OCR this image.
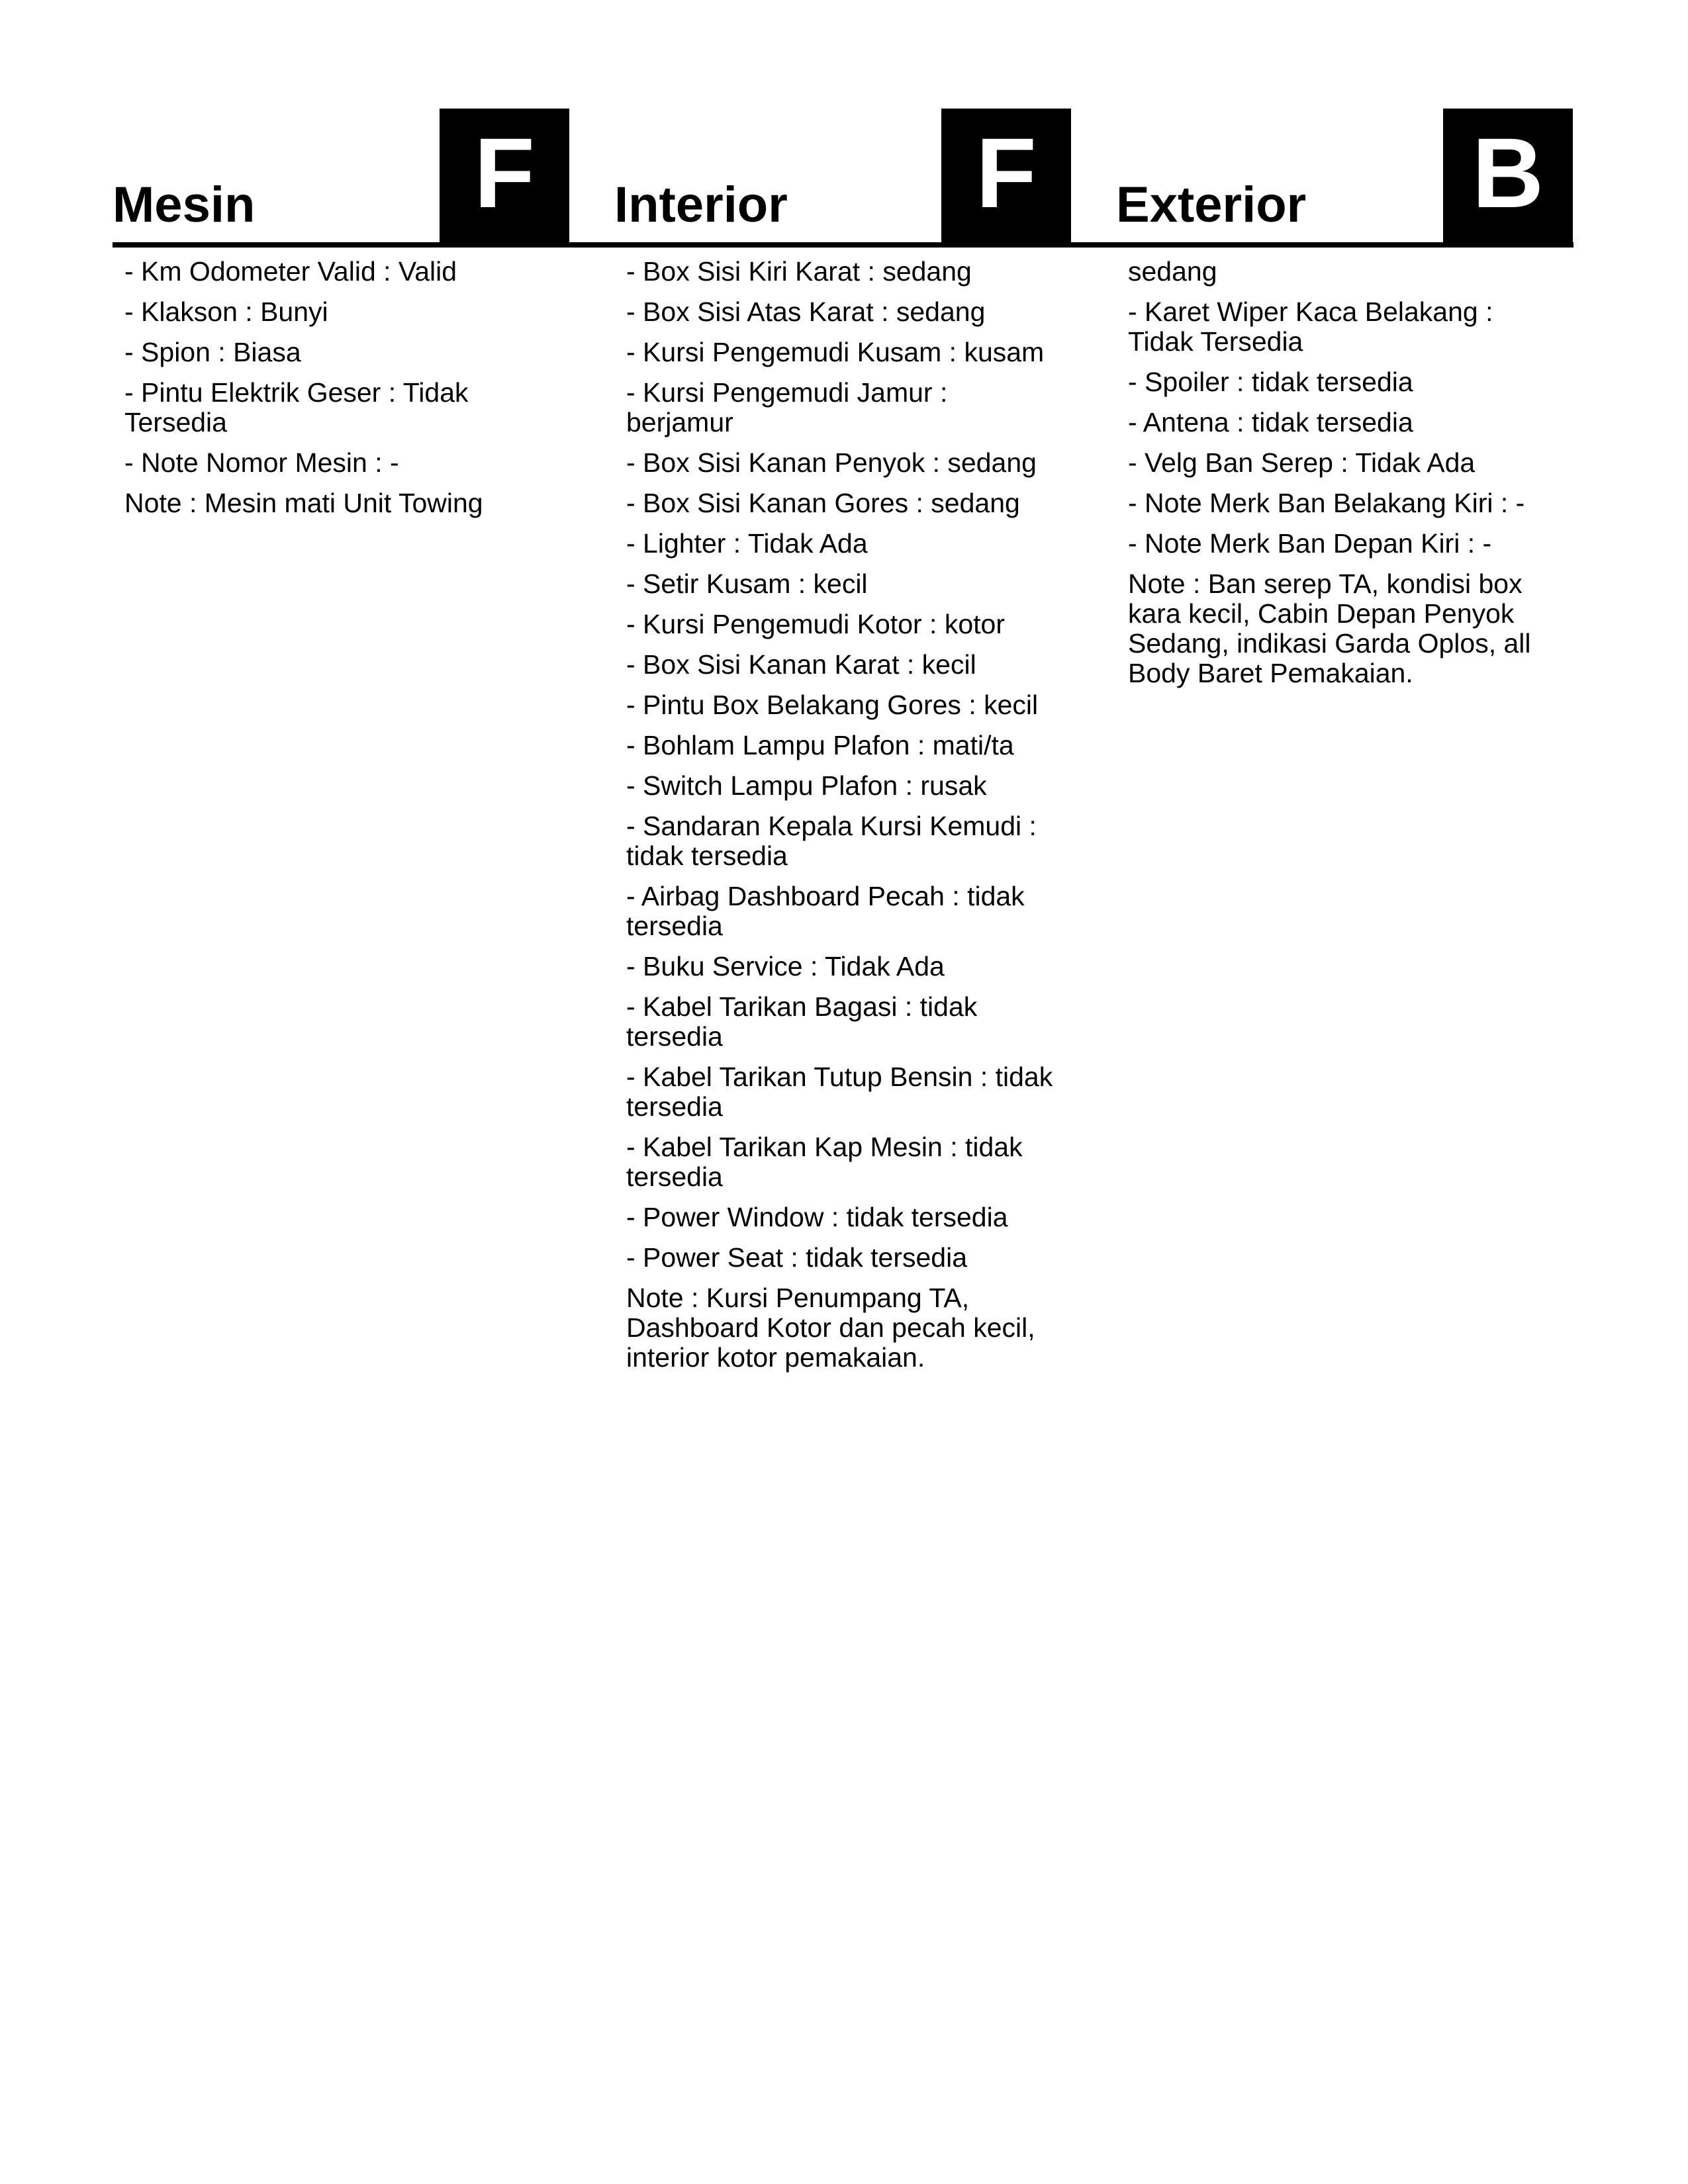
Mesin	F
- Km Odometer Valid : Valid
- Klakson : Bunyi
- Spion : Biasa
- Pintu Elektrik Geser : Tidak Tersedia
- Note Nomor Mesin : -
Note : Mesin mati Unit Towing
Interior	F
- Box Sisi Kiri Karat : sedang
- Box Sisi Atas Karat : sedang
- Kursi Pengemudi Kusam : kusam
- Kursi Pengemudi Jamur : berjamur
- Box Sisi Kanan Penyok : sedang
- Box Sisi Kanan Gores : sedang
- Lighter : Tidak Ada
- Setir Kusam : kecil
- Kursi Pengemudi Kotor : kotor
- Box Sisi Kanan Karat : kecil
- Pintu Box Belakang Gores : kecil
- Bohlam Lampu Plafon : mati/ta
- Switch Lampu Plafon : rusak
- Sandaran Kepala Kursi Kemudi : tidak tersedia
- Airbag Dashboard Pecah : tidak tersedia
- Buku Service : Tidak Ada
- Kabel Tarikan Bagasi : tidak tersedia
- Kabel Tarikan Tutup Bensin : tidak tersedia
- Kabel Tarikan Kap Mesin : tidak tersedia
- Power Window : tidak tersedia
- Power Seat : tidak tersedia
Note : Kursi Penumpang TA, Dashboard Kotor dan pecah kecil, interior kotor pemakaian.
Exterior B
sedang
- Karet Wiper Kaca Belakang : Tidak Tersedia
- Spoiler : tidak tersedia
- Antena : tidak tersedia
- Velg Ban Serep : Tidak Ada
- Note Merk Ban Belakang Kiri : -
- Note Merk Ban Depan Kiri : -
Note : Ban serep TA, kondisi box kara kecil, Cabin Depan Penyok Sedang, indikasi Garda Oplos, all Body Baret Pemakaian.
